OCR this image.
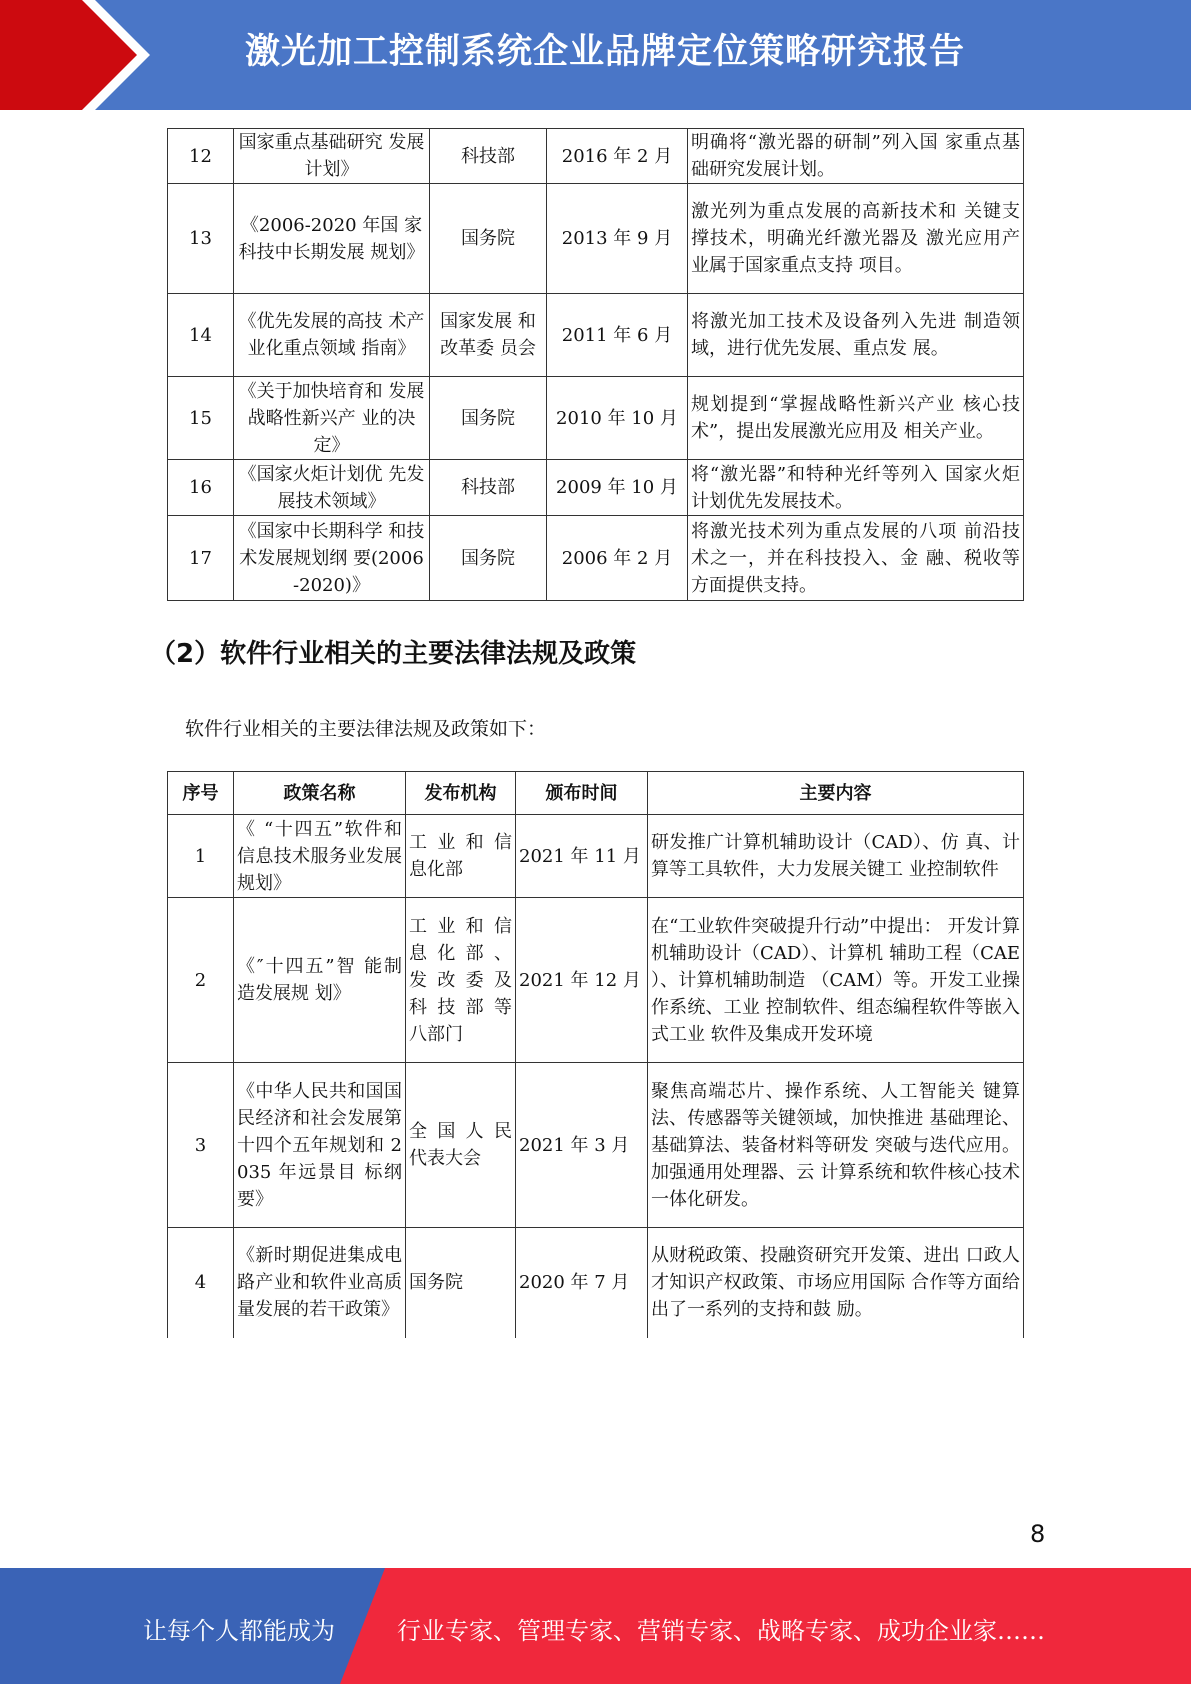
激光加工控制系统企业品牌定位策略研究报告
12	国家重点基础研究 发展计划》	科技部	2016 年 2 月	明确将“激光器的研制”列入国 家重点基础研究发展计划。
13	《2006-2020 年国 家科技中长期发展 规划》	国务院	2013 年 9 月	激光列为重点发展的高新技术和 关键支撑技术，明确光纤激光器及 激光应用产业属于国家重点支持 项目。
14	《优先发展的高技 术产业化重点领域 指南》	国家发展 和改革委 员会	2011 年 6 月	将激光加工技术及设备列入先进 制造领域，进行优先发展、重点发 展。
15	《关于加快培育和 发展战略性新兴产 业的决定》	国务院	2010 年 10 月	规划提到“掌握战略性新兴产业 核心技术”，提出发展激光应用及 相关产业。
16	《国家火炬计划优 先发展技术领域》	科技部	2009 年 10 月	将“激光器”和特种光纤等列入 国家火炬计划优先发展技术。
17	《国家中长期科学 和技术发展规划纲 要(2006-2020)》	国务院	2006 年 2 月	将激光技术列为重点发展的八项 前沿技术之一，并在科技投入、金 融、税收等方面提供支持。
（2）软件行业相关的主要法律法规及政策
软件行业相关的主要法律法规及政策如下：
序号	政策名称	发布机构	颁布时间	主要内容
1	《 “十四五”软件和信息技术服务业发展规划》	工 业 和 信 息化部	2021 年 11 月	研发推广计算机辅助设计（CAD）、仿 真、计算等工具软件，大力发展关键工 业控制软件
2	《″十四五”智 能制造发展规 划》	工 业 和 信 息 化 部 、发 改 委 及科 技 部 等八部门	2021 年 12 月	在“工业软件突破提升行动”中提出： 开发计算机辅助设计（CAD）、计算机 辅助工程（CAE ）、计算机辅助制造 （CAM）等。开发工业操作系统、工业 控制软件、组态编程软件等嵌入式工业 软件及集成开发环境
3	《中华人民共和国国民经济和社会发展第十四个五年规划和 2035 年远景目 标纲要》	全 国 人 民 代表大会	2021 年 3 月	聚焦高端芯片、操作系统、人工智能关 键算法、传感器等关键领域，加快推进 基础理论、基础算法、装备材料等研发 突破与迭代应用。加强通用处理器、云 计算系统和软件核心技术一体化研发。
4	《新时期促进集成电路产业和软件业高质量发展的若干政策》	国务院	2020 年 7 月	从财税政策、投融资研究开发策、进出 口政人才知识产权政策、市场应用国际 合作等方面给出了一系列的支持和鼓 励。
8
让每个人都能成为	行业专家、管理专家、营销专家、战略专家、成功企业家……
